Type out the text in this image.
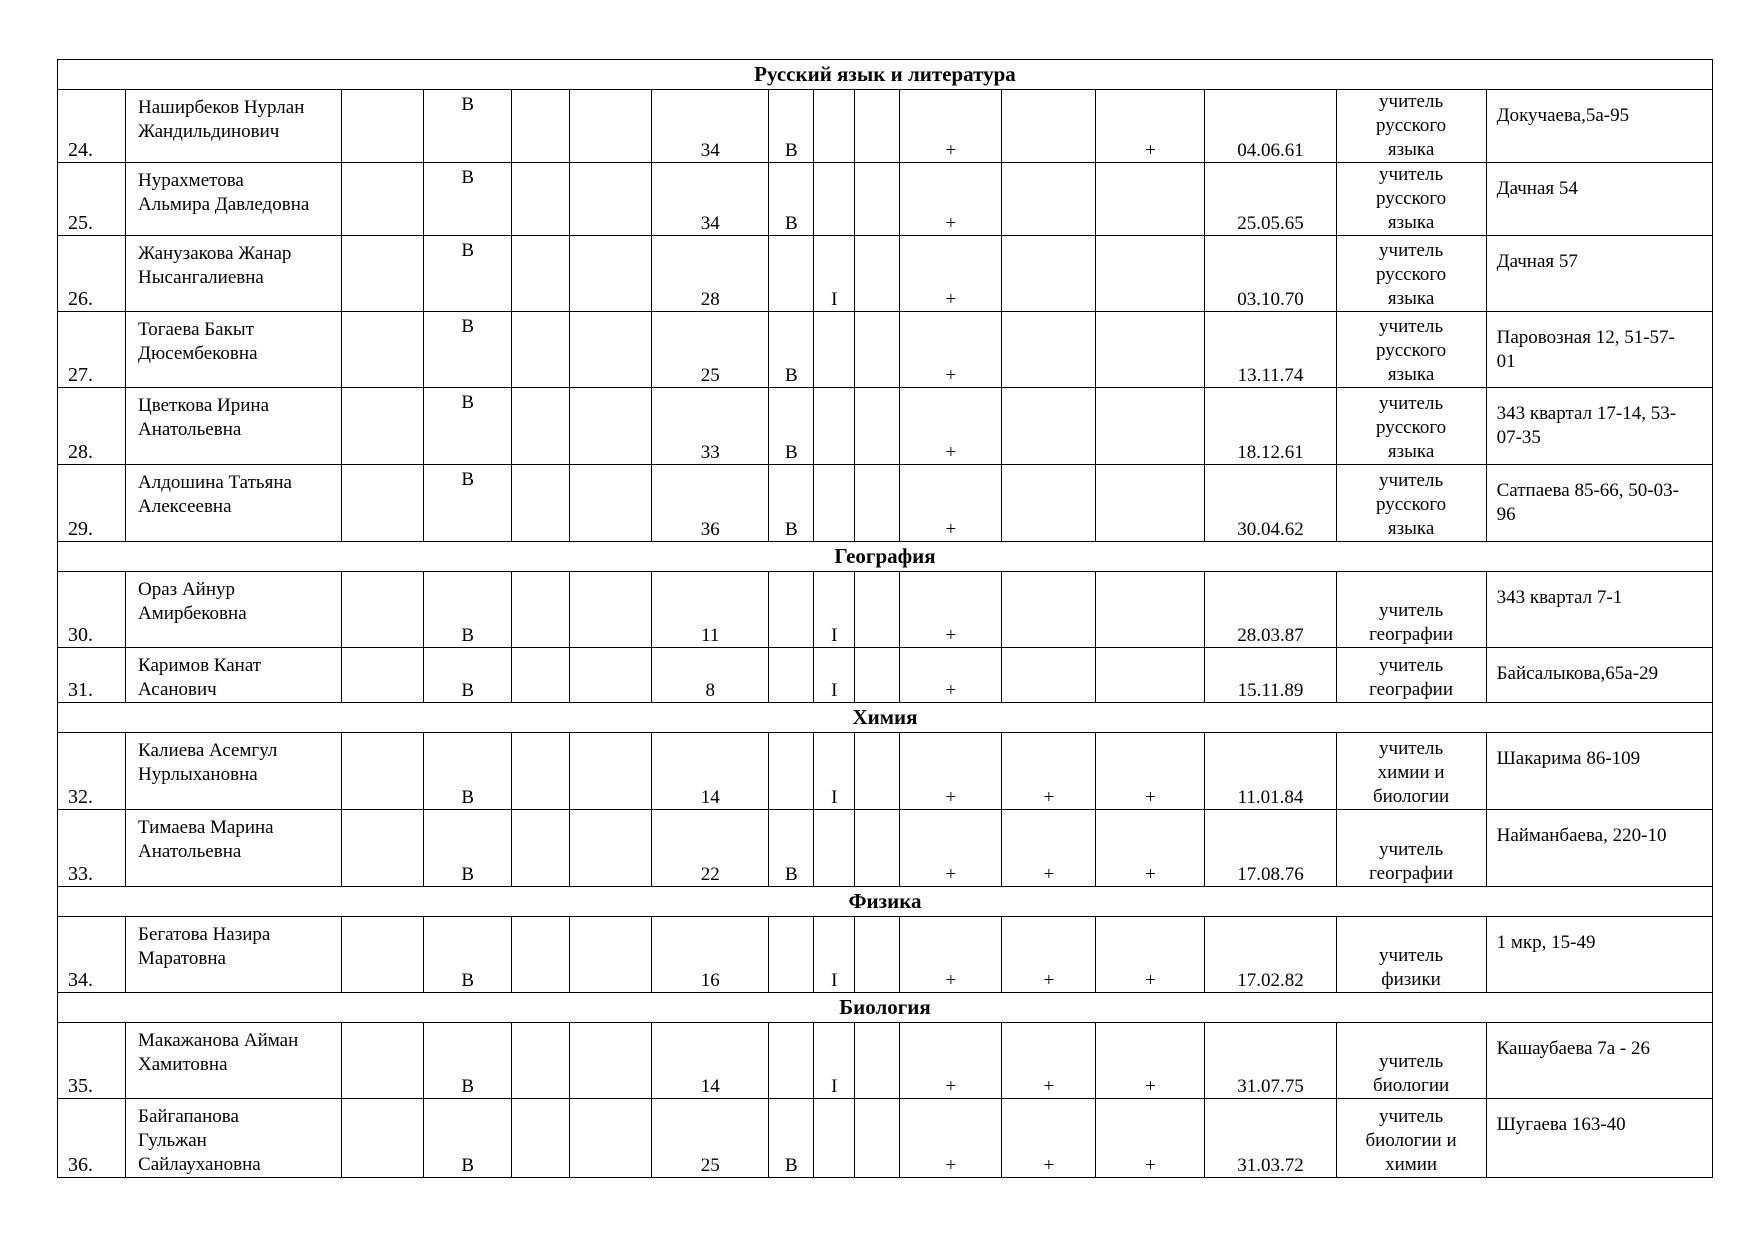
Русский язык и литература															
24.	Наширбеков Нурлан
Жандильдинович		В			34	В			+		+	04.06.61	учитель
русского
языка	Докучаева,5а-95

25.	Нурахметова
Альмира Давледовна		В			34	В			+			25.05.65	учитель
русского
языка	Дачная 54

26.	Жанузакова Жанар
Нысангалиевна		В			28		I		+			03.10.70	учитель
русского
языка	Дачная 57

27.	Тогаева Бакыт
Дюсембековна		В			25	В			+			13.11.74	учитель
русского
языка	Паровозная 12, 51-57-
01

28.	Цветкова Ирина
Анатольевна		В			33	В			+			18.12.61	учитель
русского
языка	343 квартал 17-14, 53-
07-35

29.	Алдошина Татьяна
Алексеевна		В			36	В			+			30.04.62	учитель
русского
языка	Сатпаева 85-66, 50-03-
96

География															
30.	Ораз Айнур
Амирбековна		В			11		I		+			28.03.87	учитель
географии	343 квартал 7-1

31.	Каримов Канат
Асанович		В			8		I		+			15.11.89	учитель
географии	Байсалыкова,65а-29

Химия															
32.	Калиева Асемгул
Нурлыхановна		В			14		I		+	+	+	11.01.84	учитель
химии и
биологии	Шакарима 86-109

33.	Тимаева Марина
Анатольевна		В			22	В			+	+	+	17.08.76	учитель
географии	Найманбаева, 220-10

Физика															
34.	Бегатова Назира
Маратовна		В			16		I		+	+	+	17.02.82	учитель
физики	1 мкр, 15-49

Биология															
35.	Макажанова Айман
Хамитовна		В			14		I		+	+	+	31.07.75	учитель
биологии	Кашаубаева 7а - 26

36.	Байгапанова
Гульжан
Сайлаухановна		В			25	В			+	+	+	31.03.72	учитель
биологии и
химии	Шугаева 163-40
